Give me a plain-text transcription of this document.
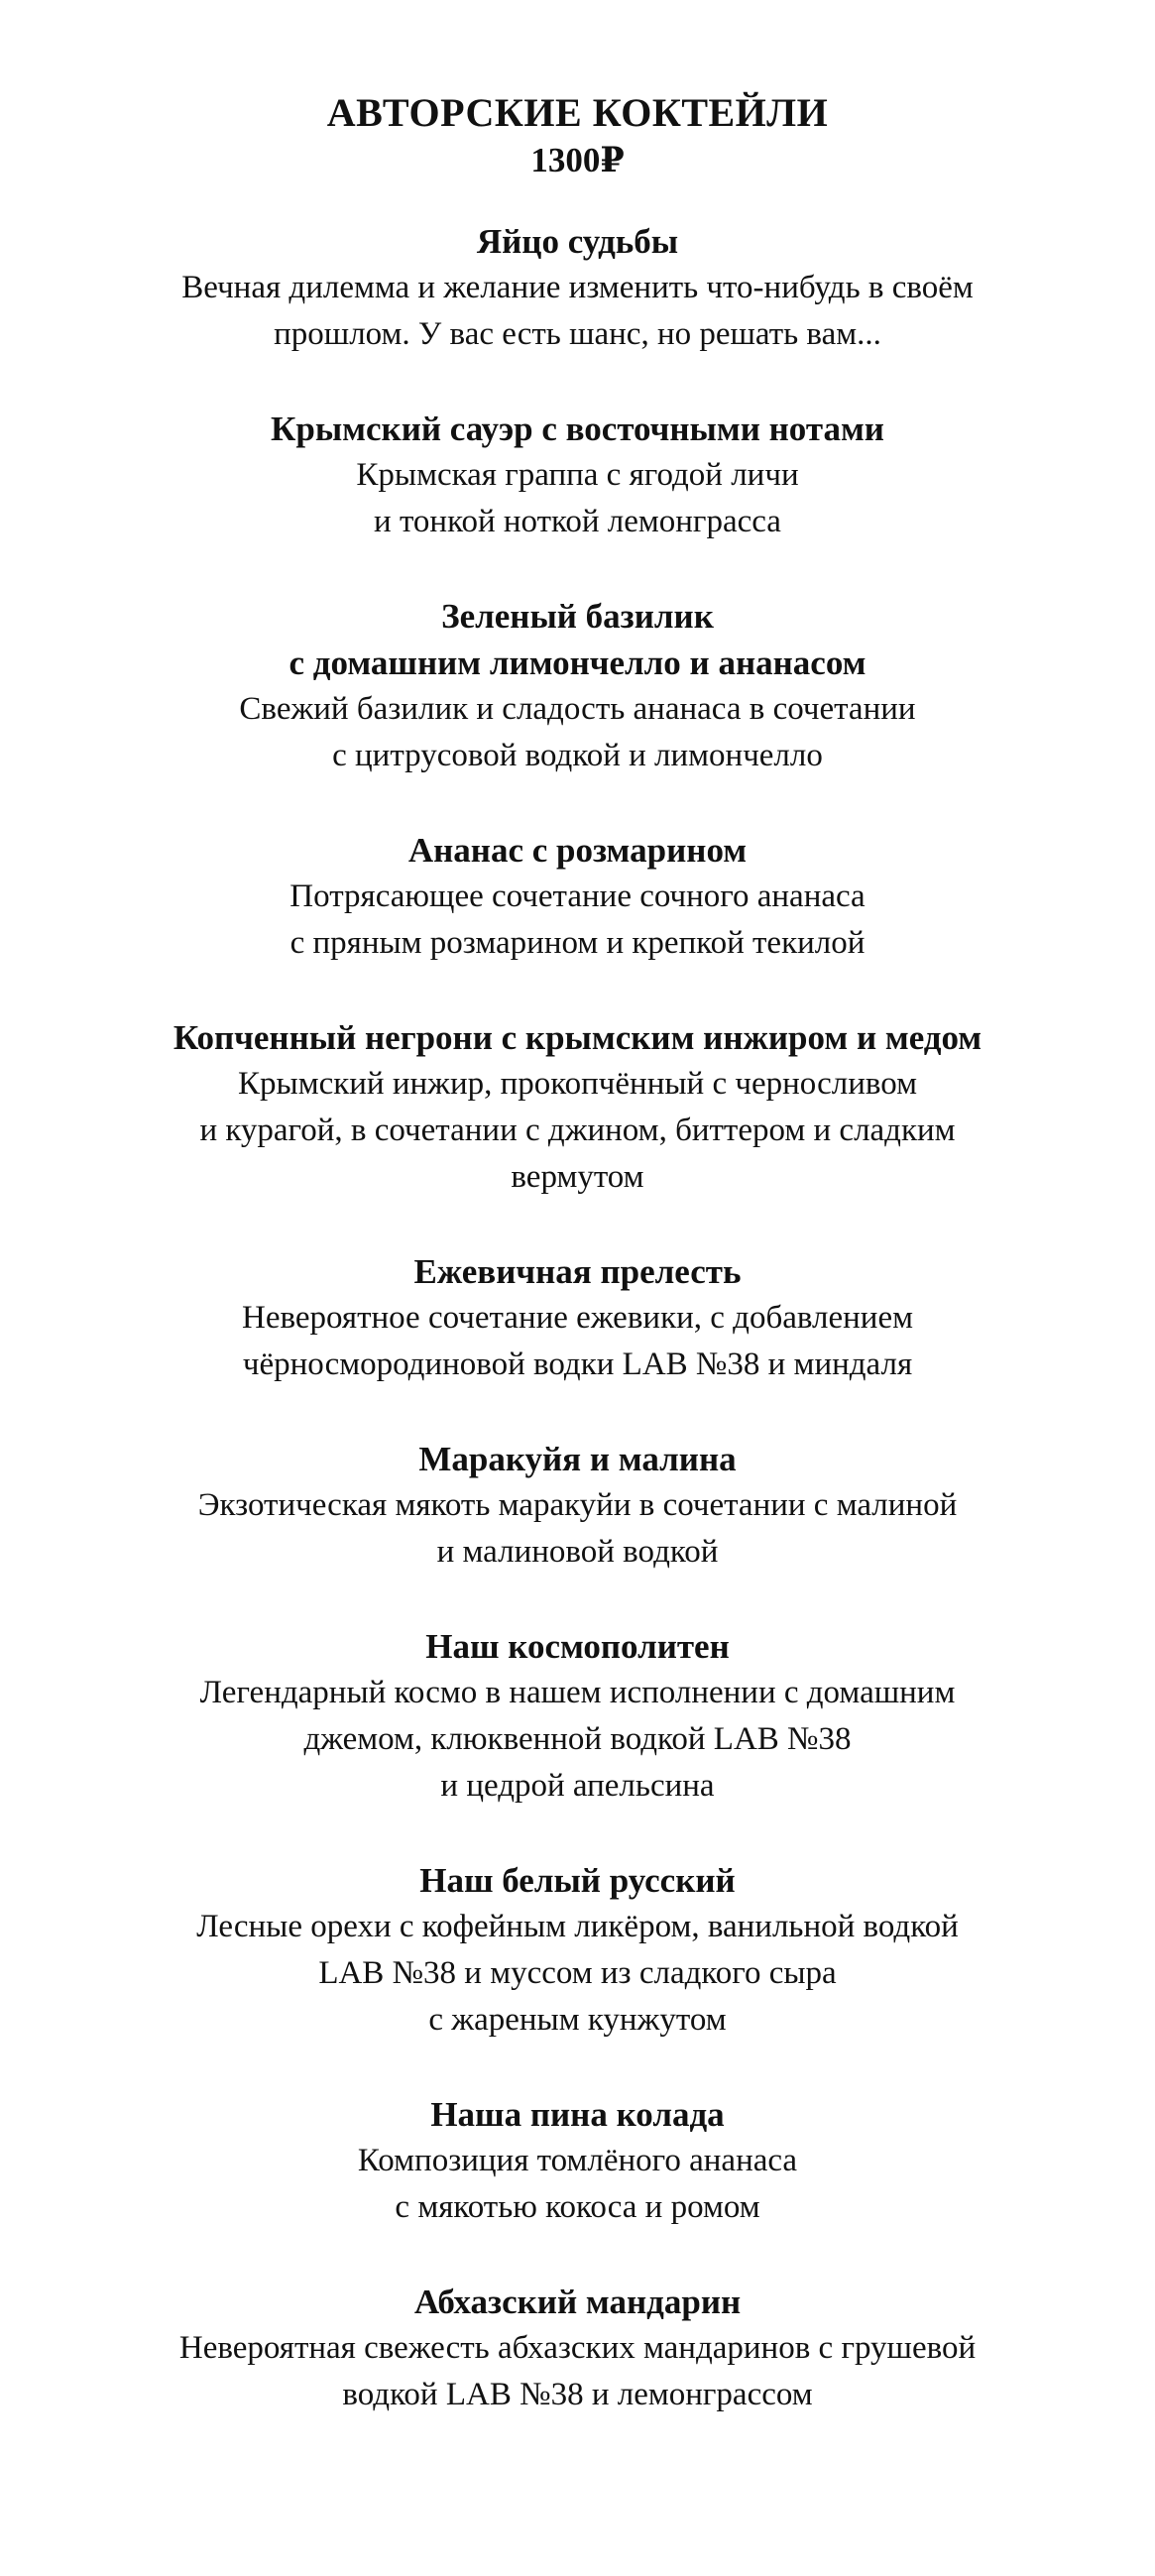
АВТОРСКИЕ КОКТЕЙЛИ
1300₽
Яйцо судьбы
Вечная дилемма и желание изменить что-нибудь в своём
прошлом. У вас есть шанс, но решать вам...
Крымский сауэр с восточными нотами
Крымская граппа с ягодой личи
и тонкой ноткой лемонграсса
Зеленый базилик
с домашним лимончелло и ананасом
Свежий базилик и сладость ананаса в сочетании
с цитрусовой водкой и лимончелло
Ананас с розмарином
Потрясающее сочетание сочного ананаса
с пряным розмарином и крепкой текилой
Копченный негрони с крымским инжиром и медом
Крымский инжир, прокопчённый с черносливом
и курагой, в сочетании с джином, биттером и сладким
вермутом
Ежевичная прелесть
Невероятное сочетание ежевики, с добавлением
чёрносмородиновой водки LAB №38 и миндаля
Маракуйя и малина
Экзотическая мякоть маракуйи в сочетании с малиной
и малиновой водкой
Наш космополитен
Легендарный космо в нашем исполнении с домашним
джемом, клюквенной водкой LAB №38
и цедрой апельсина
Наш белый русский
Лесные орехи с кофейным ликёром, ванильной водкой
LAB №38 и муссом из сладкого сыра
с жареным кунжутом
Наша пина колада
Композиция томлёного ананаса
с мякотью кокоса и ромом
Абхазский мандарин
Невероятная свежесть абхазских мандаринов с грушевой
водкой LAB №38 и лемонграссом
